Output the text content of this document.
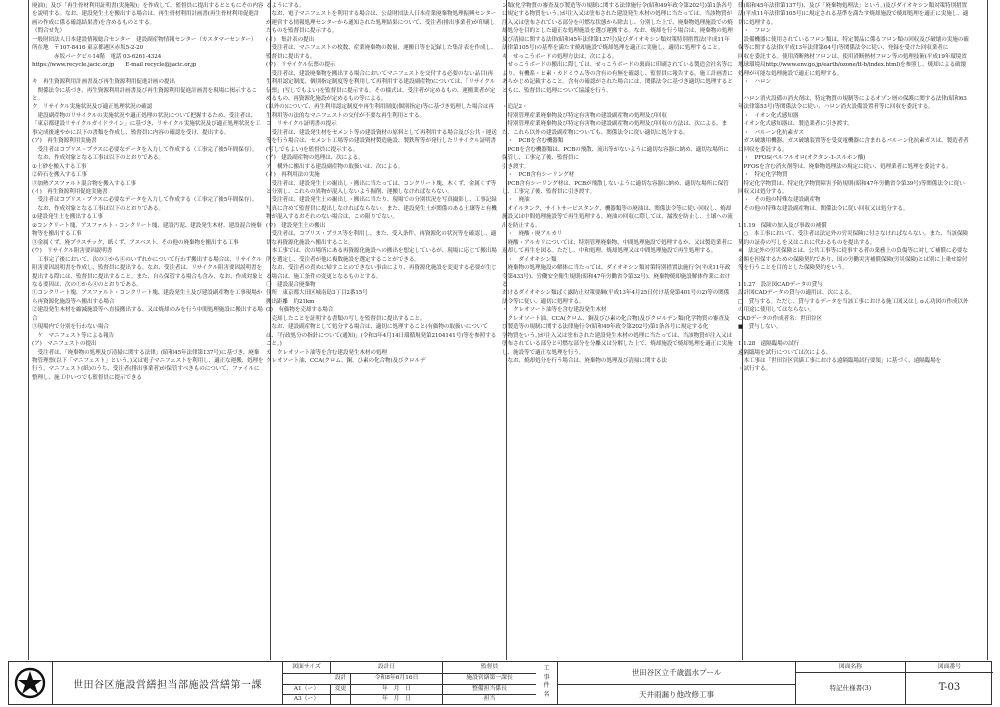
廃油)」及び「再生骨材利用証明書(実施報)」を作成して、監督員に提出するとともにその内容を説明する。なお、建設発生土を搬出する場合は、再生骨材利用計画書(再生骨材利用促進計画の作成に係る確認結果書)を含めるものとする。
（問合せ先）
一般財団法人日本建設情報総合センター　建設副産物情報センター（カスタマーセンター）
所在地　〒107-8416 東京都港区赤坂5-2-20
　　　　赤坂パークビル14階　電話 03-6261-4324
https://www.recycle.jacic.or.jp　　E-mail recycle@jacic.or.jp

キ　再生資源利用計画書及び再生資源利用促進計画の提出
　関係法令に基づき、再生資源利用計画書及び再生資源利用促進計画書を現場に掲示すること。
ク　リサイクル実施状況及び適正処理状況の確認
　建設副産物のリサイクルの実施状況や適正処理の状況について把握するため、受注者は、「東京都建設リサイクルガイドライン」に基づき、リサイクル実施状況及び適正処理状況を工事完成後速やかに以下の書類を作成し、監督員に内容の確認を受け、提出する。
(ア)　再生資源利用実施書
　受注者はコブリス・プラスに必要なデータを入力して作成する（工事完了後5年間保存）。
　なお、作成対象となる工事は以下のとおりである。
①土砂を搬入する工事
②砕石を搬入する工事
③加熱アスファルト混合物を搬入する工事
(イ)　再生資源利用促進実施書
　受注者はコブリス・プラスに必要なデータを入力して作成する（工事完了後5年間保存）。
　なお、作成対象となる工事は以下のとおりである。
①建設発生土を搬出する工事
②コンクリート塊、アスファルト・コンクリート塊、建設汚泥、建設発生木材、建設混合廃棄物等を搬出する工事
③金属くず、廃プラスチック、紙くず、アスベスト、その他の廃棄物を搬出する工事
(ウ)　リサイクル阻害要因説明書
　工事完了後において、次の①から④のいずれかについて行わず搬出する場合は、リサイクル阻害要因説明書を作成し、監督員に提出する。なお、受注者は、リサイクル阻害要因説明書を提出する際には、監督員に提出すること。また、自ら保管する場合も含み、なお、作成対象となる要因は、次の①から④のとおりである。
①コンクリート塊、アスファルト・コンクリート塊、建設発生土及び建設副産物を工事現場から再資源化施設等へ搬出する場合
②建設発生木材を縮減施設等へ直接搬出する、又は焼却のみを行う中間処理施設に搬出する場合
③現場内で分別を行わない場合
　ケ　マニフェスト等による報告
(ア)　マニフェストの提出
　受注者は、「廃棄物の処理及び清掃に関する法律」(昭和45年法律第137号)に基づき、廃棄物管理票(以下「マニフェスト」という。)又は電子マニフェストを利用し、適正な運搬、処理を行う。マニフェスト(紙)のうち、受注者(排出事業者)が保管すべきものについて、ファイルに整理し、施工中いつでも監督員に提示できる
るようにする。
　なお、電子マニフェストを利用する場合は、公益財団法人日本産業廃棄物処理振興センターが運営する情報処理センターから通知された処理結果について、受注者(排出事業者)が印刷したものを監督員に提示する。
(イ)　集計表の提出
　受注者は、マニフェストの枚数、産業廃棄物の数量、運搬日等を記録した集計表を作成し、監督員に提出する。
(ウ)　リサイクル伝票の提示
　受注者は、建設廃棄物を搬出する場合においてマニフェストを交付する必要のない品目(再生利用認定制度、個別指定制度等を利用して再利用する建設副産物)については、「リサイクル伝票」(写しでもよい)を監督員に提示する。その様式は、受注者が定めるもの、運搬業者が定めるもの、再資源化施設が定めるもの等による。
(以外の)について、再生利用認定制度や再生利用制度(個別指定)等に基づき処理した場合は再生利用等の法的なマニフェストの交付が不要な再生利用とする。
コ　リサイクル証明書の提示
　受注者は、建設発生材をセメント等の建設資材の原料として再利用する場合及び公共・運送等を行う場合は、セメント工場等の建設資材製造施設、製鉄所等が発行したリサイクル証明書(写しでもよい)を監督員に提示する。
(ア)　建設副産物の処理は、次による。
ア　構外に搬出する建設副産物の取扱いは、次による。
(イ)　再利用法の実施
　受注者は、建設発生土の掘出し・搬出に当たっては、コンクリート塊、木くず、金属くず等と分別し、これらの異物が混入しないよう掘削、運搬しなければならない。
　受注者は、建設発生土の掘出し・搬出に当たり、現場での分別状況を写真撮影し、工事記録写真に含めて監督員に提出しなければならない。また、建設発生土が関係のある土壌等と有機物が混入するおそれのない場合は、この限りでない。
(ウ)　建設発生土の搬出
　受注者は、コブリス・プラス等を利用し、また、受入条件、再資源化の状況等を確認し、適切な再資源化施設へ搬出すること。
　本工事では、次の場所にある再資源化施設への搬出を想定しているが、現場に応じて搬出場所を選定し、受注者が他に複数施設を選定することができる。
　なお、受注者の責めに帰すことのできない事由により、再資源化施設を変更する必要が生じる場合は、施工条件の変更となるものとする。
〇　建設混合廃棄物
住所　東京都大田区城南島3丁目2番15号
搬出距離　約21km
(ｴ)　有価物を売却する場合
　売却したことを証明する書類の写しを監督員に提出すること。
　なお、建設副産物として処分する場合は、適切に処理すること(有価物の取扱いについては、「行政処分の指針について(通知)」(令和3年4月14日環循規発第2104141号)等を参照すること。)
カ　クレオソート油等を含む建設発生木材の処理
クレオソート油、CCA(クロム、銅、ひ素の化合物)及びクロルデ
ン類(化学物質の審査及び製造等の規制に関する法律施行令(昭和49年政令第202号)第1条各号に規定する物質をいう。)が注入又は塗布された建設発生木材の処理に当たっては、当該物質が注入又は塗布されている部分を可燃な状態から除去し、分別した上で、廃棄物処理施設での焼却処分を目的とした適正な処理施設を選び運搬する。なお、焼却を行う場合は、廃棄物の処理及び清掃に関する法律(昭和45年法律第137号)及びダイオキシン類対策特別措置法(平成11年法律第105号)の基準を満たす焼却施設で焼却処理を適正に実施し、適切に処理すること。
キ　せっこうボードの処理方法は、次による。
　せっこうボードの搬出に際しては、せっこうボードの裏面に印刷されている製造会社名等により、有機系・ヒ素・カドミウム等の含有の有無を確認し、監督員に報告する。施工計画書にあらかじめ記載すること。含有の確認がされた場合には、関係法令に基づき適切に処理するとともに、監督員に処理について協議を行う。

・追記2・
　特別管理産業廃棄物及び特定有害物の建設副産物の処理及び回収
　特別管理産業廃棄物及び特定有害物の建設副産物の処理及び回収の方法は、次による。また、これら以外の建設副産物についても、関係法令に従い適切に処分する。
　・　PCBを含む機器類
　PCBを含む機器類は、PCBの飛散、流出等がないように適切な容器に納め、適切な場所に保管し、工事完了後、監督員に
引き渡す。
　・　PCB含有シーリング材
　PCB含有シーリング材は、PCBが飛散しないように適切な容器に納め、適切な場所に保管し、工事完了後、監督員に引き渡す。
　・　廃油
　オイルタンク、サイトサービスタンク、機器類等の廃油は、関係法令等に従い回収し、焼却施設又は中間処理施設等で再生処理する。廃油の回収に際しては、漏洩を防止し、土壌への流出を防止する。
　・　廃酸・廃アルカリ
　廃酸・アルカリについては、特別管理廃棄物、中間処理施設で処理するか、又は製造業者に返却して再生を図る。ただし、中和処理、焼却処理又は中間処理施設で再生処理する。
　・　ダイオキシン類
　廃棄物の処理施設の解体に当たっては、ダイオキシン類対策特別措置法施行令(平成11年政令第433号)、労働安全衛生規則(昭和47年労働省令第32号)、廃棄物焼却施設解体作業における
おけるダイオキシン類ばく露防止対策要綱(平成13年4月25日付け基発第401号の2)等の関係法令等に従い、適切に処理する。
・　クレオソート油等を含む建設発生木材
　クレオソート油、CCA(クロム、銅及びひ素の化合物)及びクロルデン類(化学物質の審査及び製造等の規制に関する法律施行令(昭和49年政令第202号)第1条各号に規定する化
学物質をいう。)が注入又は塗布された建設発生木材の処理に当たっては、当該物質が注入又は塗布されている部分と可燃な部分を分離又は分解した上で、焼却施設で焼却処理を適正に実施し、施設等で適正な処理を行う。
　なお、焼却処分を行う場合は、廃棄物の処理及び清掃に関する法
律(昭和45年法律第137号)、及び「廃棄物処理法」という。)及びダイオキシン類対策特別措置法(平成11年法律第105号)に規定される基準を満たす焼却施設で焼却処理を適正に実施し、適切に処理する。
　・　フロン
　設備機器に使用されているフロン類は、特定製品に係るフロン類の回収及び破壊の実施の確保等に関する法律(平成13年法律第64号)等関係法令に従い、登録を受けた回収業者に
回収を委託する。使用済断熱材フロンは、使用済断熱材フロン等の処理技術(平成19年環境省地球環境局http://www.env.go.jp/earth/ozone/tt-b/index.html)を参照し、焼却による破壊処理が可能な処理施設で適正に処理する。
　・　ハロン

　ハロン消火設備の消火剤は、特定物質の規制等によるオゾン層の保護に関する法律(昭和63年法律第53号)等関係法令に従い、ハロン消火設備設置者等に回収を委託する。
　・　イオン化式感知器
　イオン化式感知器は、製造業者に引き渡す。
　・　バルーン化抗素ガス
　ガス破壊用機器、ガス破壊装置等を受変電機器に含まれるバルーン化抗素ガスは、製造者者に回収を委託する。
　・　PFOS(ペルフルオロ(オクタン-1-スルホン酸)
　PFOSを含む消火剤等は、廃棄物処理法の規定に従い、処理業者に処理を委託する。
　・　特定化学物質
　特定化学物質は、特定化学物質障害予防規則(昭和47年労働省令第39号)等関係法令に従い回収又は処分する。
　・　その他の特殊な建設副産物
　その他の特殊な建設副産物は、関係法令に従い回収又は処分する。

1.1.19　保険の加入及び事故の補償
　○　本工事において、受注者は法定外の労災保険に付さなければならない。また、当該保険契約の証券の写しを又はこれに代わるものを提出する。
※　法定外の労災保険とは、公共工事等に従事する者の業務上の負傷等に対して補償に必要な金額を担保するための保険契約であり、国の労働災害補償保険(労災保険)とは別に上乗せ給付等を行うことを目的とした保険契約をいう。

1.1.27　設計図CADデータの貸与
設計図CADデータの貸与の適用は、次による。
□　貸与する。ただし、貸与するデータを当該工事における施工図又はしゅん功図の作成以外の用途に使用してはならない。
CADデータの作成者名：世田谷区
■　貸与しない。

1.1.28　遠隔臨場の試行
遠隔臨場を試行については次による。
　本工事は「世田谷区営繕工事における遠隔臨場試行要領」に基づく、遠隔臨場を
・試行する。
世田谷区施設営繕担当部施設営繕第一課
図面サイズ	設計日	監督員
設計	令和8年6月16日	施設営繕第一課長
A1（ー）	変更	年　月　日	整備担当係長
A3（ー）	年　月　日	担当
工
事
件
名
世田谷区立千歳温水プール
天井雨漏り他改修工事
図面名称
特記仕様書(3)
図面番号
T-03
